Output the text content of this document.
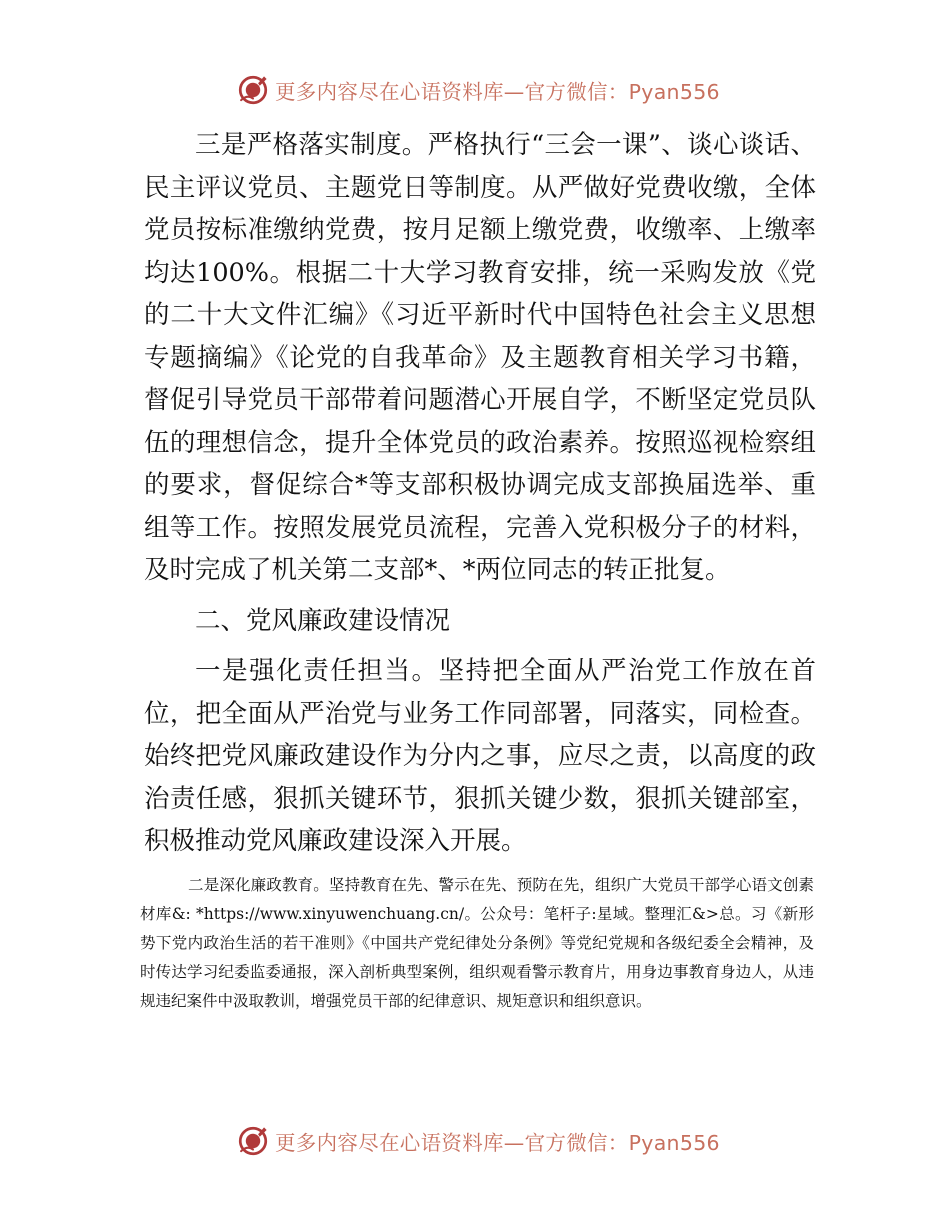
更多内容尽在心语资料库—官方微信：Pyan556

三是严格落实制度。严格执行“三会一课”、谈心谈话、民主评议党员、主题党日等制度。从严做好党费收缴，全体党员按标准缴纳党费，按月足额上缴党费，收缴率、上缴率均达100%。根据二十大学习教育安排，统一采购发放《党的二十大文件汇编》《习近平新时代中国特色社会主义思想专题摘编》《论党的自我革命》及主题教育相关学习书籍，督促引导党员干部带着问题潜心开展自学，不断坚定党员队伍的理想信念，提升全体党员的政治素养。按照巡视检察组的要求，督促综合*等支部积极协调完成支部换届选举、重组等工作。按照发展党员流程，完善入党积极分子的材料，及时完成了机关第二支部*、*两位同志的转正批复。

二、党风廉政建设情况

一是强化责任担当。坚持把全面从严治党工作放在首位，把全面从严治党与业务工作同部署，同落实，同检查。始终把党风廉政建设作为分内之事，应尽之责，以高度的政治责任感，狠抓关键环节，狠抓关键少数，狠抓关键部室，积极推动党风廉政建设深入开展。

二是深化廉政教育。坚持教育在先、警示在先、预防在先，组织广大党员干部学心语文创素材库&: *https://www.xinyuwenchuang.cn/。公众号：笔杆子:星域。整理汇&>总。习《新形势下党内政治生活的若干准则》《中国共产党纪律处分条例》等党纪党规和各级纪委全会精神，及时传达学习纪委监委通报，深入剖析典型案例，组织观看警示教育片，用身边事教育身边人，从违规违纪案件中汲取教训，增强党员干部的纪律意识、规矩意识和组织意识。

更多内容尽在心语资料库—官方微信：Pyan556
